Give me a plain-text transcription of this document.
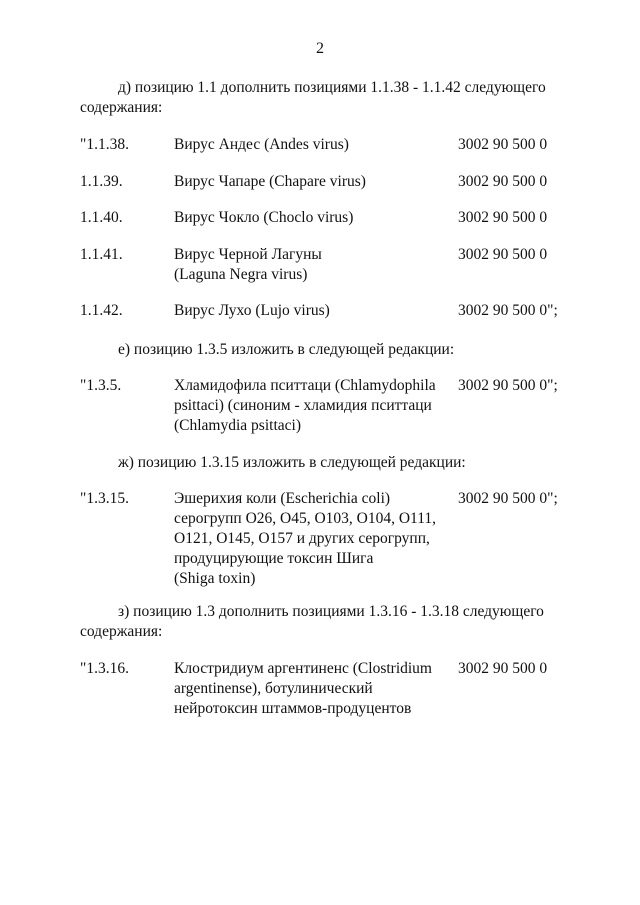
2
д) позицию 1.1 дополнить позициями 1.1.38 - 1.1.42 следующего
содержания:
"1.1.38.	Вирус Андес (Andes virus)	3002 90 500 0
1.1.39.	Вирус Чапаре (Chapare virus)	3002 90 500 0
1.1.40.	Вирус Чокло (Choclo virus)	3002 90 500 0
1.1.41.	Вирус Черной Лагуны
(Laguna Negra virus)
3002 90 500 0
1.1.42.	Вирус Лухо (Lujo virus)	3002 90 500 0";
е) позицию 1.3.5 изложить в следующей редакции:
"1.3.5.	Хламидофила пситтаци (Chlamydophila
psittaci) (синоним - хламидия пситтаци
(Chlamydia psittaci)
3002 90 500 0";
ж) позицию 1.3.15 изложить в следующей редакции:
"1.3.15.	Эшерихия коли (Escherichia coli)
серогрупп О26, О45, О103, О104, О111,
О121, О145, О157 и других серогрупп,
продуцирующие токсин Шига
(Shiga toxin)
3002 90 500 0";
з) позицию 1.3 дополнить позициями 1.3.16 - 1.3.18 следующего
содержания:
"1.3.16.	Клостридиум аргентиненс (Clostridium
argentinense), ботулинический
нейротоксин штаммов-продуцентов
3002 90 500 0
